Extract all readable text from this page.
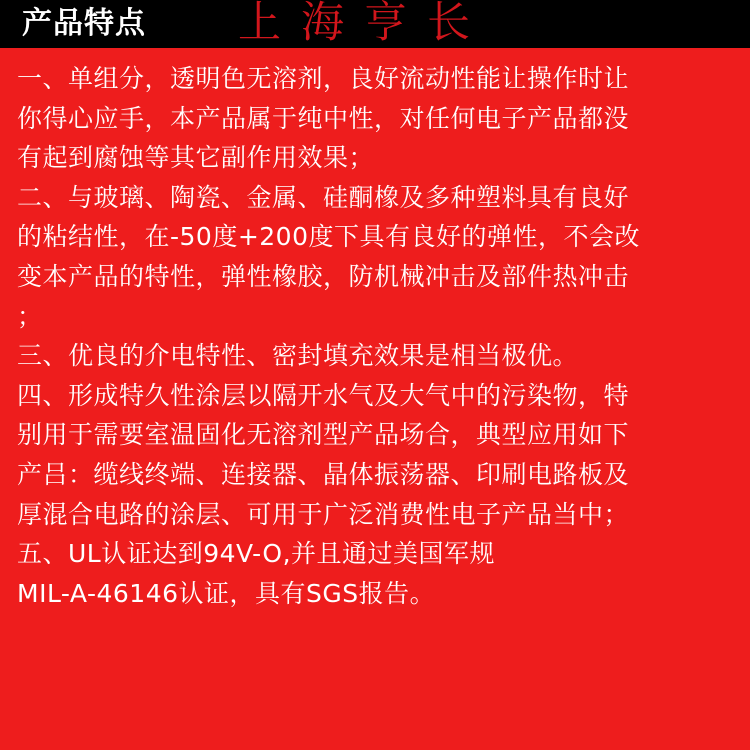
产品特点 上海亨长
一、单组分，透明色无溶剂，良好流动性能让操作时让
你得心应手，本产品属于纯中性，对任何电子产品都没
有起到腐蚀等其它副作用效果；
二、与玻璃、陶瓷、金属、硅酮橡及多种塑料具有良好
的粘结性，在-50度+200度下具有良好的弹性，不会改
变本产品的特性，弹性橡胶，防机械冲击及部件热冲击
；
三、优良的介电特性、密封填充效果是相当极优。
四、形成特久性涂层以隔开水气及大气中的污染物，特
别用于需要室温固化无溶剂型产品场合，典型应用如下
产吕：缆线终端、连接器、晶体振荡器、印刷电路板及
厚混合电路的涂层、可用于广泛消费性电子产品当中；
五、UL认证达到94V-O,并且通过美国军规
MIL-A-46146认证，具有SGS报告。
